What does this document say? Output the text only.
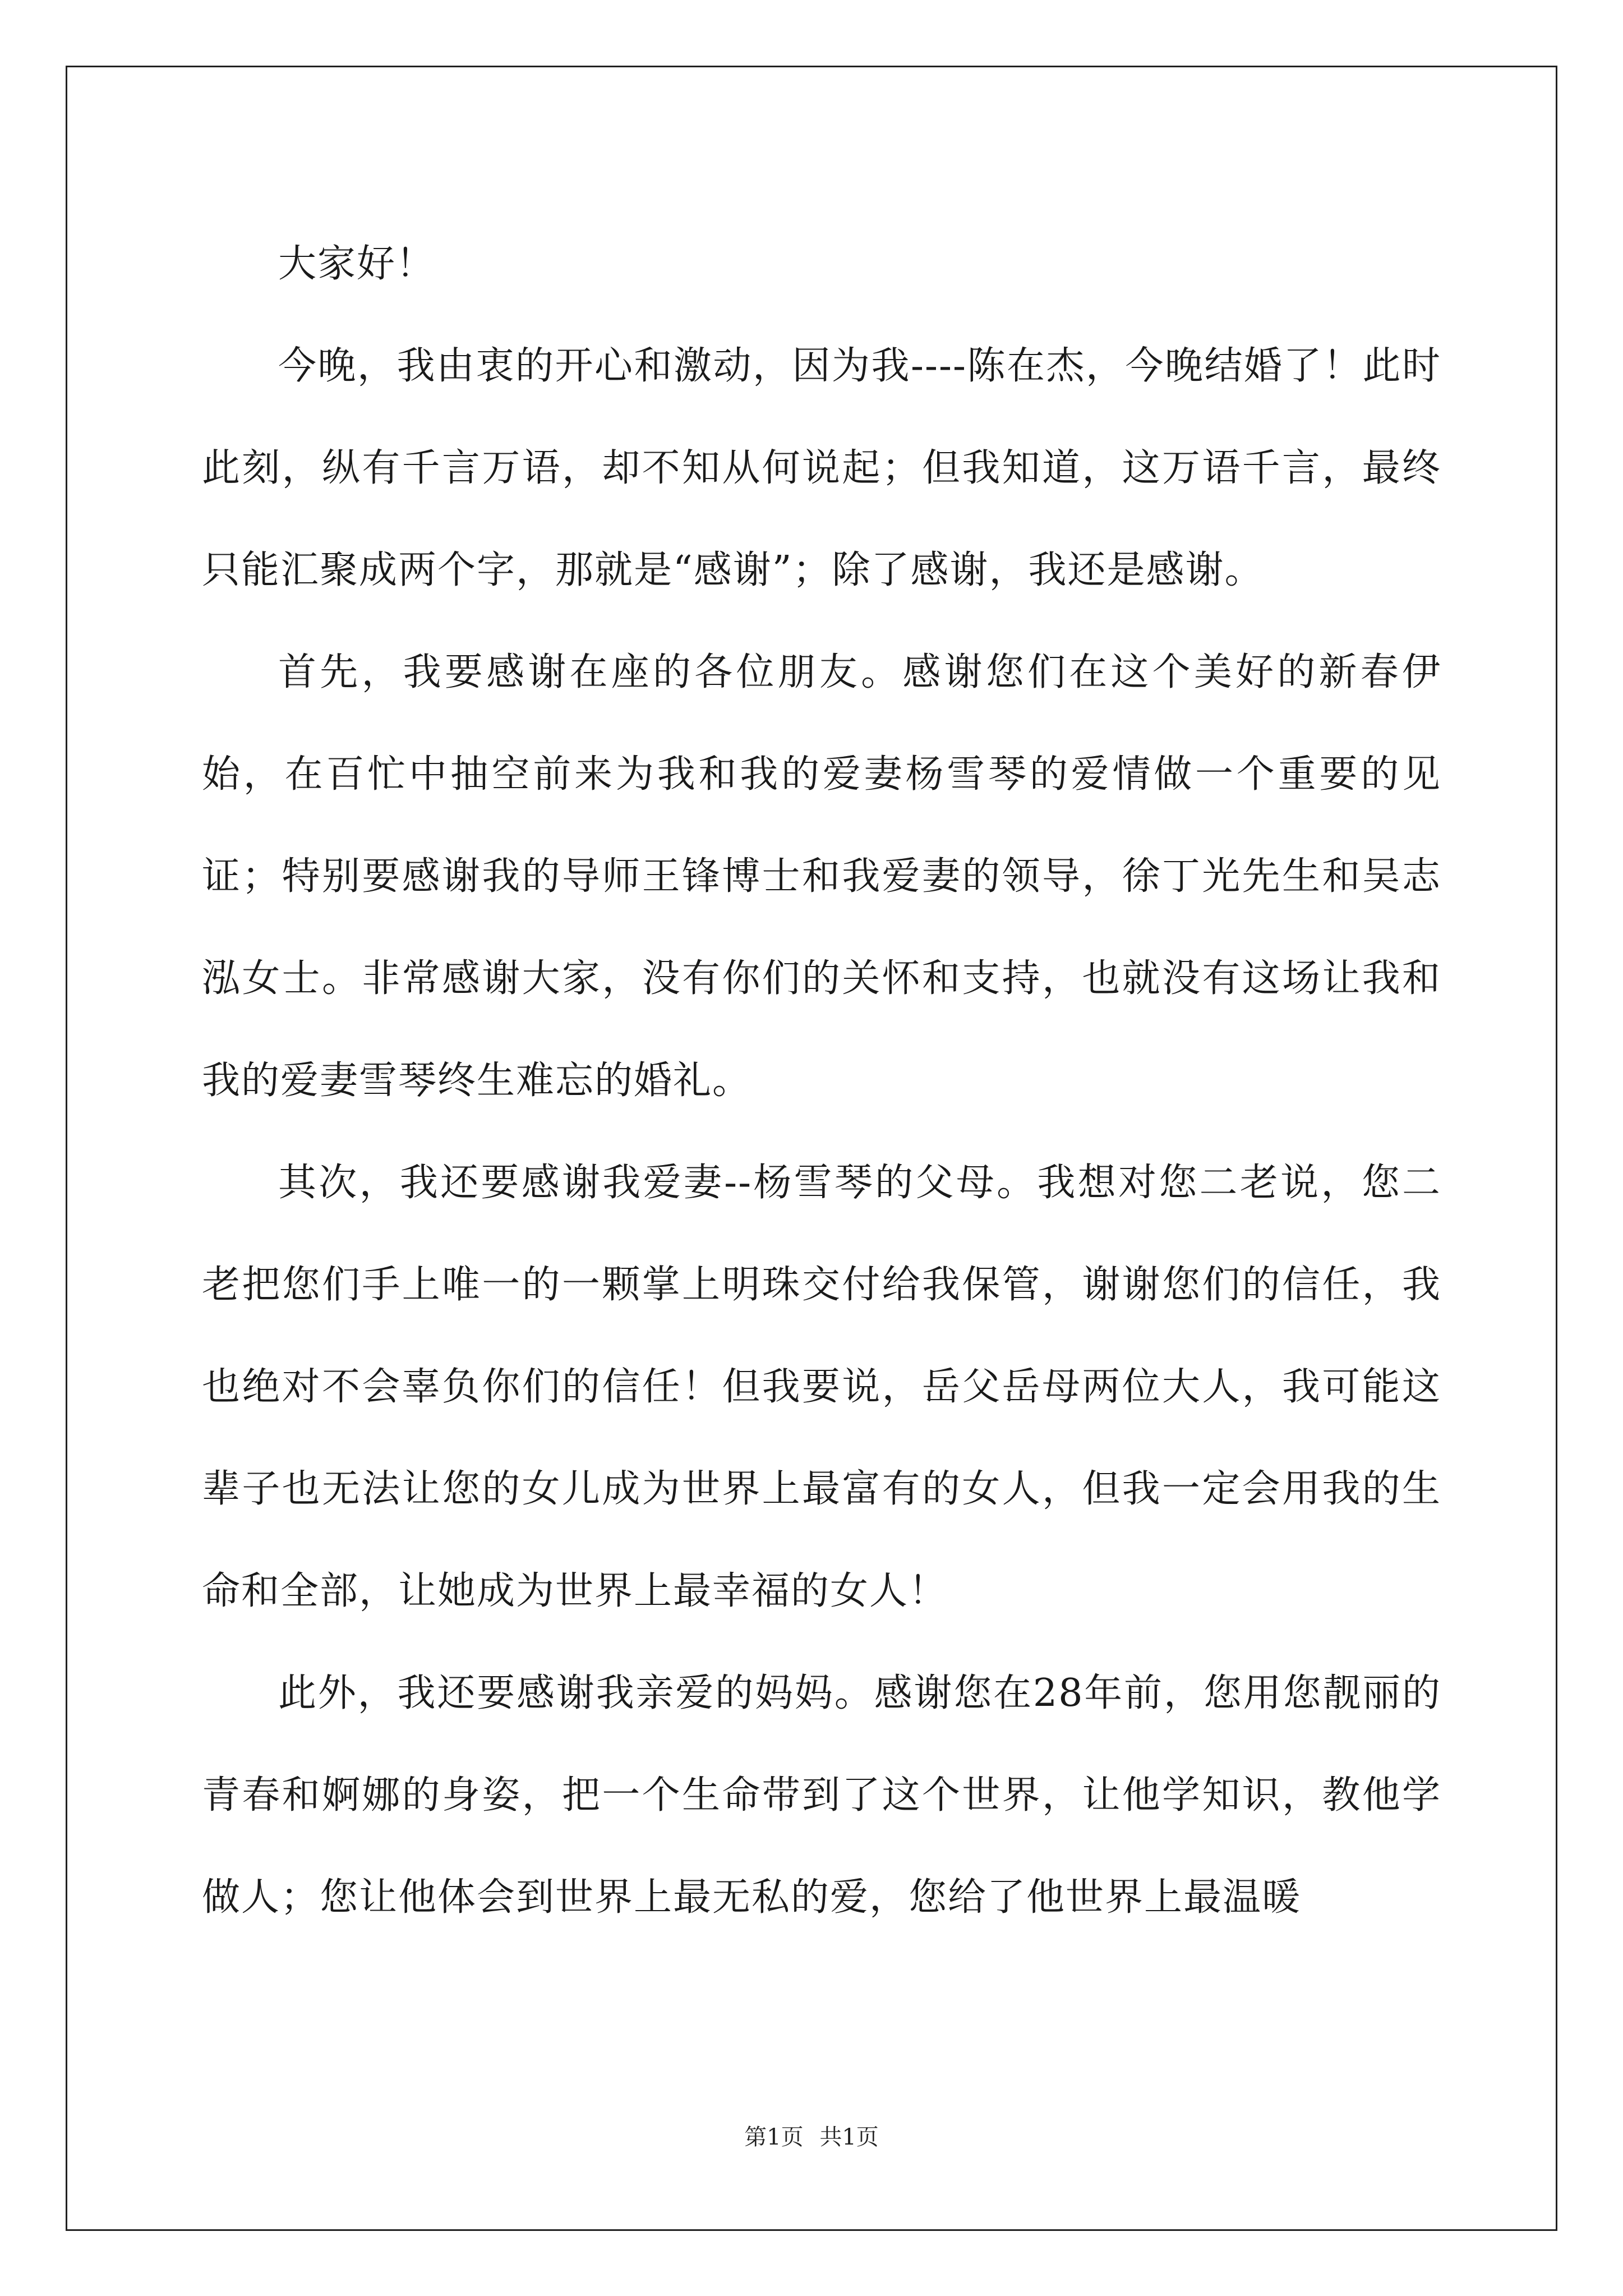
大家好！

今晚，我由衷的开心和激动，因为我----陈在杰，今晚结婚了！此时此刻，纵有千言万语，却不知从何说起；但我知道，这万语千言，最终只能汇聚成两个字，那就是“感谢”；除了感谢，我还是感谢。

首先，我要感谢在座的各位朋友。感谢您们在这个美好的新春伊始，在百忙中抽空前来为我和我的爱妻杨雪琴的爱情做一个重要的见证；特别要感谢我的导师王锋博士和我爱妻的领导，徐丁光先生和吴志泓女士。非常感谢大家，没有你们的关怀和支持，也就没有这场让我和我的爱妻雪琴终生难忘的婚礼。

其次，我还要感谢我爱妻--杨雪琴的父母。我想对您二老说，您二老把您们手上唯一的一颗掌上明珠交付给我保管，谢谢您们的信任，我也绝对不会辜负你们的信任！但我要说，岳父岳母两位大人，我可能这辈子也无法让您的女儿成为世界上最富有的女人，但我一定会用我的生命和全部，让她成为世界上最幸福的女人！

此外，我还要感谢我亲爱的妈妈。感谢您在28年前，您用您靓丽的青春和婀娜的身姿，把一个生命带到了这个世界，让他学知识，教他学做人；您让他体会到世界上最无私的爱，您给了他世界上最温暖

第1页 共1页
